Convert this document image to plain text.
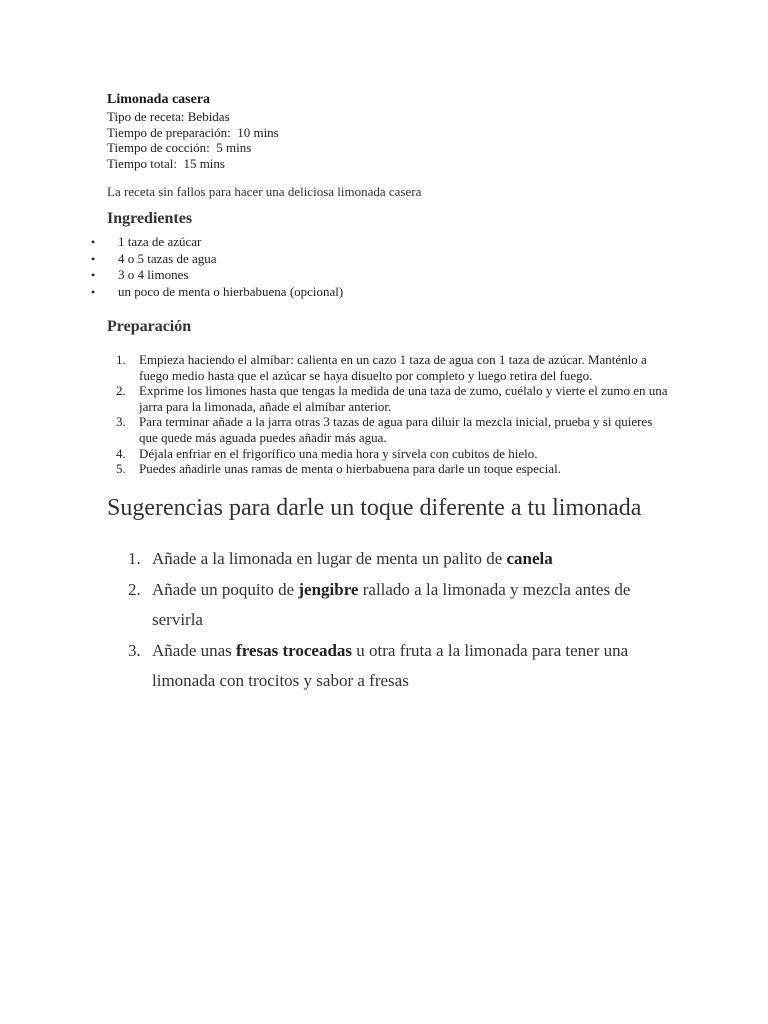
Limonada casera
Tipo de receta: Bebidas
Tiempo de preparación:  10 mins
Tiempo de cocción:  5 mins
Tiempo total:  15 mins
La receta sin fallos para hacer una deliciosa limonada casera
Ingredientes
• 1 taza de azúcar
• 4 o 5 tazas de agua
• 3 o 4 limones
• un poco de menta o hierbabuena (opcional)
Preparación
1. Empieza haciendo el almíbar: calienta en un cazo 1 taza de agua con 1 taza de azúcar. Manténlo a fuego medio hasta que el azúcar se haya disuelto por completo y luego retira del fuego.
2. Exprime los limones hasta que tengas la medida de una taza de zumo, cuélalo y vierte el zumo en una jarra para la limonada, añade el almíbar anterior.
3. Para terminar añade a la jarra otras 3 tazas de agua para diluir la mezcla inicial, prueba y si quieres que quede más aguada puedes añadir más agua.
4. Déjala enfriar en el frigorífico una media hora y sírvela con cubitos de hielo.
5. Puedes añadirle unas ramas de menta o hierbabuena para darle un toque especial.
Sugerencias para darle un toque diferente a tu limonada
1. Añade a la limonada en lugar de menta un palito de canela
2. Añade un poquito de jengibre rallado a la limonada y mezcla antes de servirla
3. Añade unas fresas troceadas u otra fruta a la limonada para tener una limonada con trocitos y sabor a fresas
